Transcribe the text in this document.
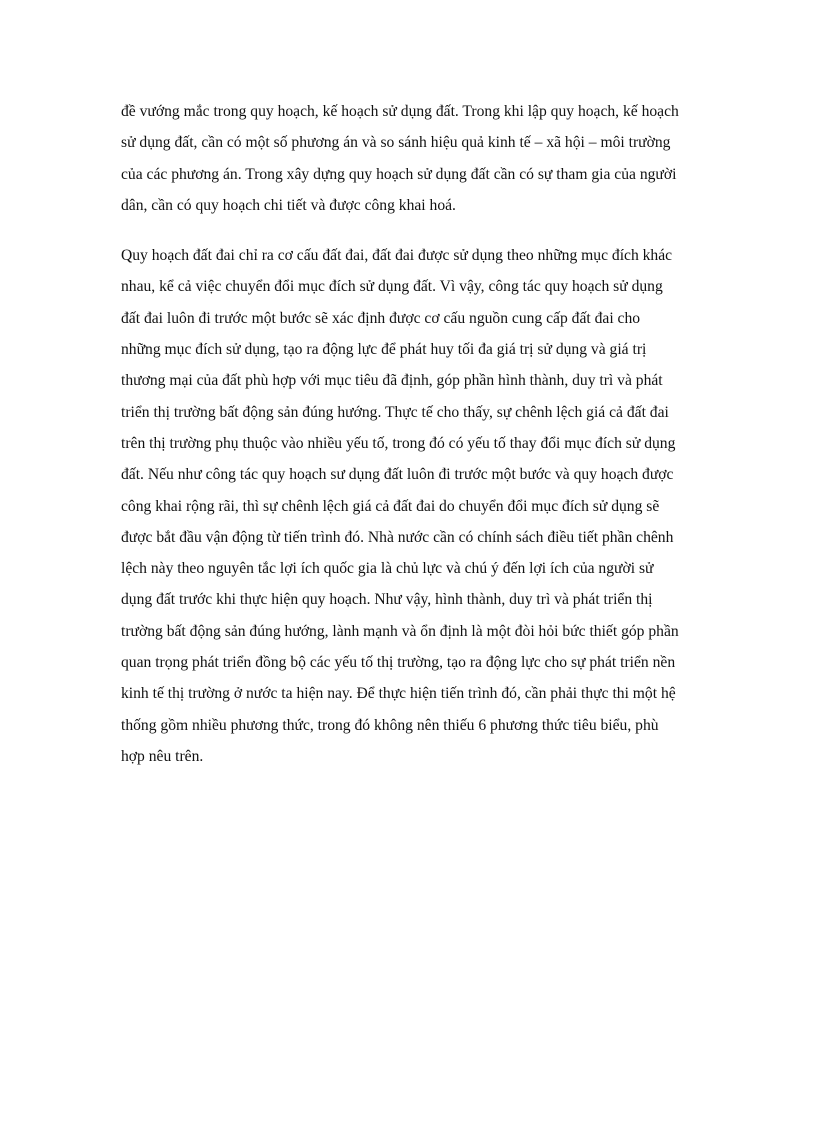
đề vướng mắc trong quy hoạch, kế hoạch sử dụng đất. Trong khi lập quy hoạch, kế hoạch
sử dụng đất, cần có một số phương án và so sánh hiệu quả kinh tế – xã hội – môi trường
của các phương án. Trong xây dựng quy hoạch sử dụng đất cần có sự tham gia của người
dân, cần có quy hoạch chi tiết và được công khai hoá.

Quy hoạch đất đai chỉ ra cơ cấu đất đai, đất đai được sử dụng theo những mục đích khác
nhau, kể cả việc chuyển đổi mục đích sử dụng đất. Vì vậy, công tác quy hoạch sử dụng
đất đai luôn đi trước một bước sẽ xác định được cơ cấu nguồn cung cấp đất đai cho
những mục đích sử dụng, tạo ra động lực để phát huy tối đa giá trị sử dụng và giá trị
thương mại của đất phù hợp với mục tiêu đã định, góp phần hình thành, duy trì và phát
triển thị trường bất động sản đúng hướng. Thực tế cho thấy, sự chênh lệch giá cả đất đai
trên thị trường phụ thuộc vào nhiều yếu tố, trong đó có yếu tố thay đổi mục đích sử dụng
đất. Nếu như công tác quy hoạch sư dụng đất luôn đi trước một bước và quy hoạch được
công khai rộng rãi, thì sự chênh lệch giá cả đất đai do chuyển đổi mục đích sử dụng sẽ
được bắt đầu vận động từ tiến trình đó. Nhà nước cần có chính sách điều tiết phần chênh
lệch này theo nguyên tắc lợi ích quốc gia là chủ lực và chú ý đến lợi ích của người sử
dụng đất trước khi thực hiện quy hoạch. Như vậy, hình thành, duy trì và phát triển thị
trường bất động sản đúng hướng, lành mạnh và ổn định là một đòi hỏi bức thiết góp phần
quan trọng phát triển đồng bộ các yếu tố thị trường, tạo ra động lực cho sự phát triển nền
kinh tế thị trường ở nước ta hiện nay. Để thực hiện tiến trình đó, cần phải thực thi một hệ
thống gồm nhiều phương thức, trong đó không nên thiếu 6 phương thức tiêu biểu, phù
hợp nêu trên.
